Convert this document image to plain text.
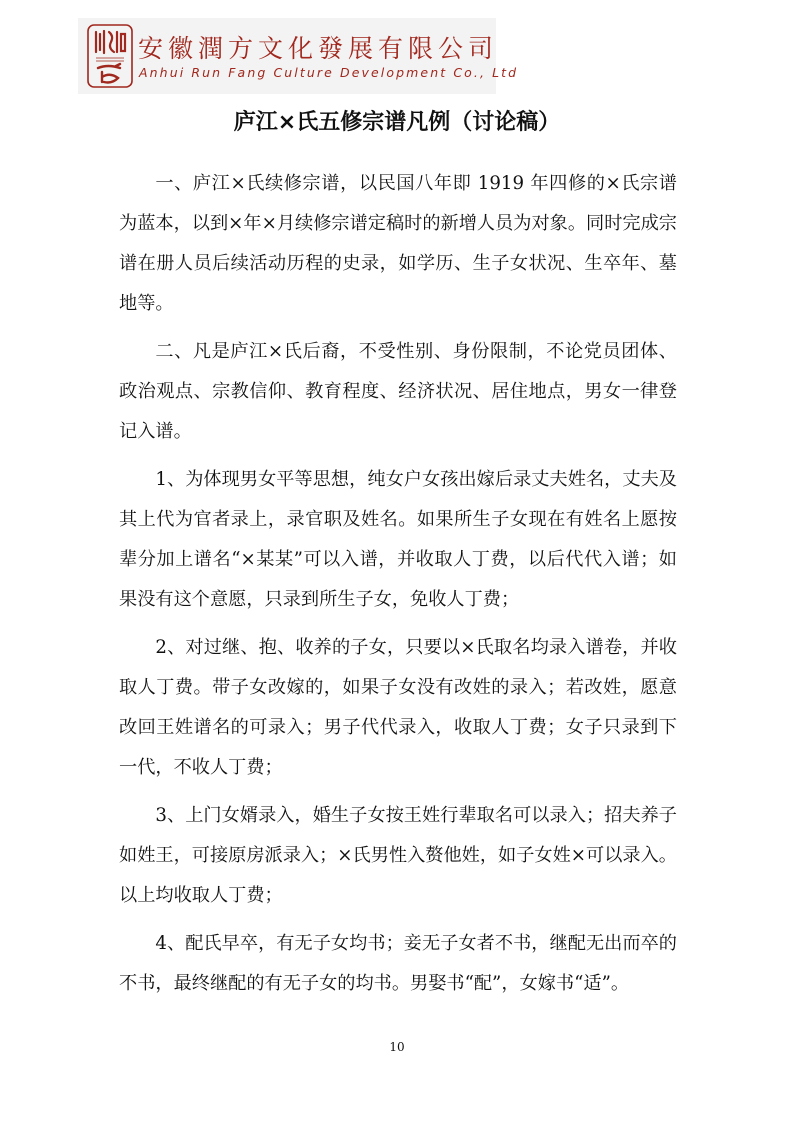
安徽潤方文化發展有限公司
Anhui Run Fang Culture Development Co., Ltd
庐江×氏五修宗谱凡例（讨论稿）

一、庐江×氏续修宗谱，以民国八年即 1919 年四修的×氏宗谱为蓝本，以到×年×月续修宗谱定稿时的新增人员为对象。同时完成宗谱在册人员后续活动历程的史录，如学历、生子女状况、生卒年、墓地等。

二、凡是庐江×氏后裔，不受性别、身份限制，不论党员团体、政治观点、宗教信仰、教育程度、经济状况、居住地点，男女一律登记入谱。

1、为体现男女平等思想，纯女户女孩出嫁后录丈夫姓名，丈夫及其上代为官者录上，录官职及姓名。如果所生子女现在有姓名上愿按辈分加上谱名“×某某”可以入谱，并收取人丁费，以后代代入谱；如果没有这个意愿，只录到所生子女，免收人丁费；

2、对过继、抱、收养的子女，只要以×氏取名均录入谱卷，并收取人丁费。带子女改嫁的，如果子女没有改姓的录入；若改姓，愿意改回王姓谱名的可录入；男子代代录入，收取人丁费；女子只录到下一代，不收人丁费；

3、上门女婿录入，婚生子女按王姓行辈取名可以录入；招夫养子如姓王，可接原房派录入；×氏男性入赘他姓，如子女姓×可以录入。以上均收取人丁费；

4、配氏早卒，有无子女均书；妾无子女者不书，继配无出而卒的不书，最终继配的有无子女的均书。男娶书“配”，女嫁书“适”。

10
